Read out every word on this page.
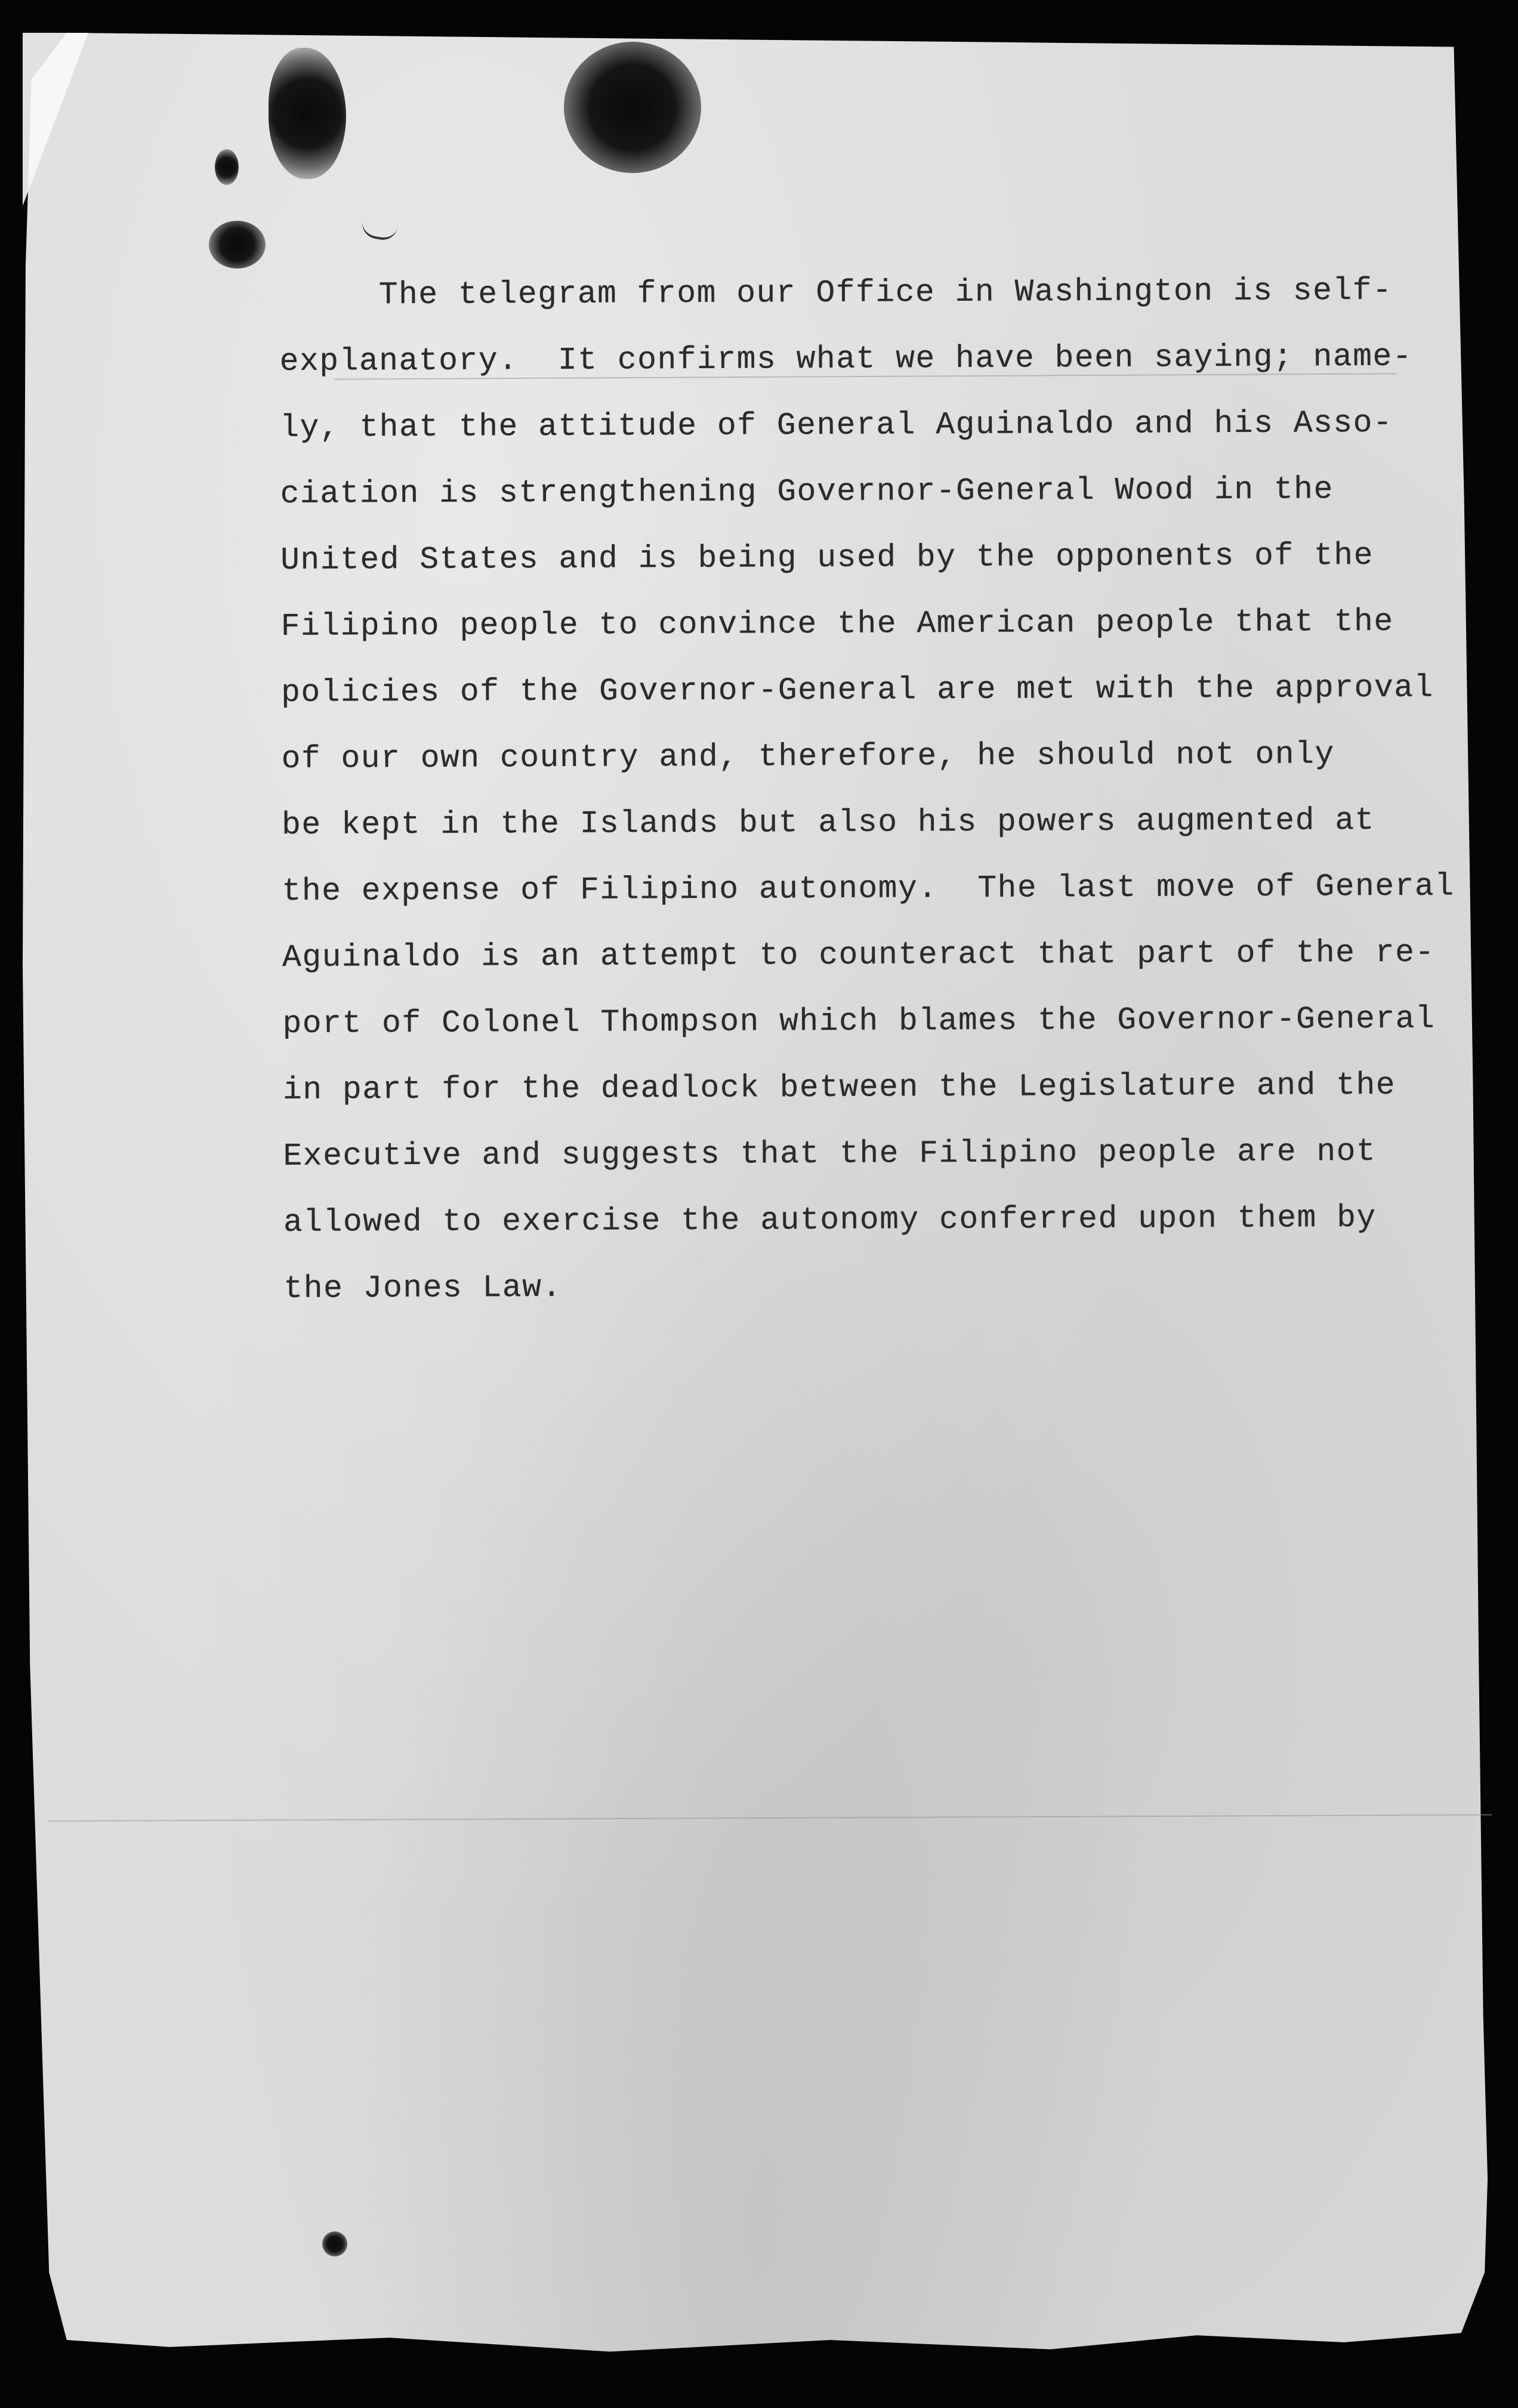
The telegram from our Office in Washington is self-
explanatory.  It confirms what we have been saying; name-
ly, that the attitude of General Aguinaldo and his Asso-
ciation is strengthening Governor-General Wood in the
United States and is being used by the opponents of the
Filipino people to convince the American people that the
policies of the Governor-General are met with the approval
of our own country and, therefore, he should not only
be kept in the Islands but also his powers augmented at
the expense of Filipino autonomy.  The last move of General
Aguinaldo is an attempt to counteract that part of the re-
port of Colonel Thompson which blames the Governor-General
in part for the deadlock between the Legislature and the
Executive and suggests that the Filipino people are not
allowed to exercise the autonomy conferred upon them by
the Jones Law.
